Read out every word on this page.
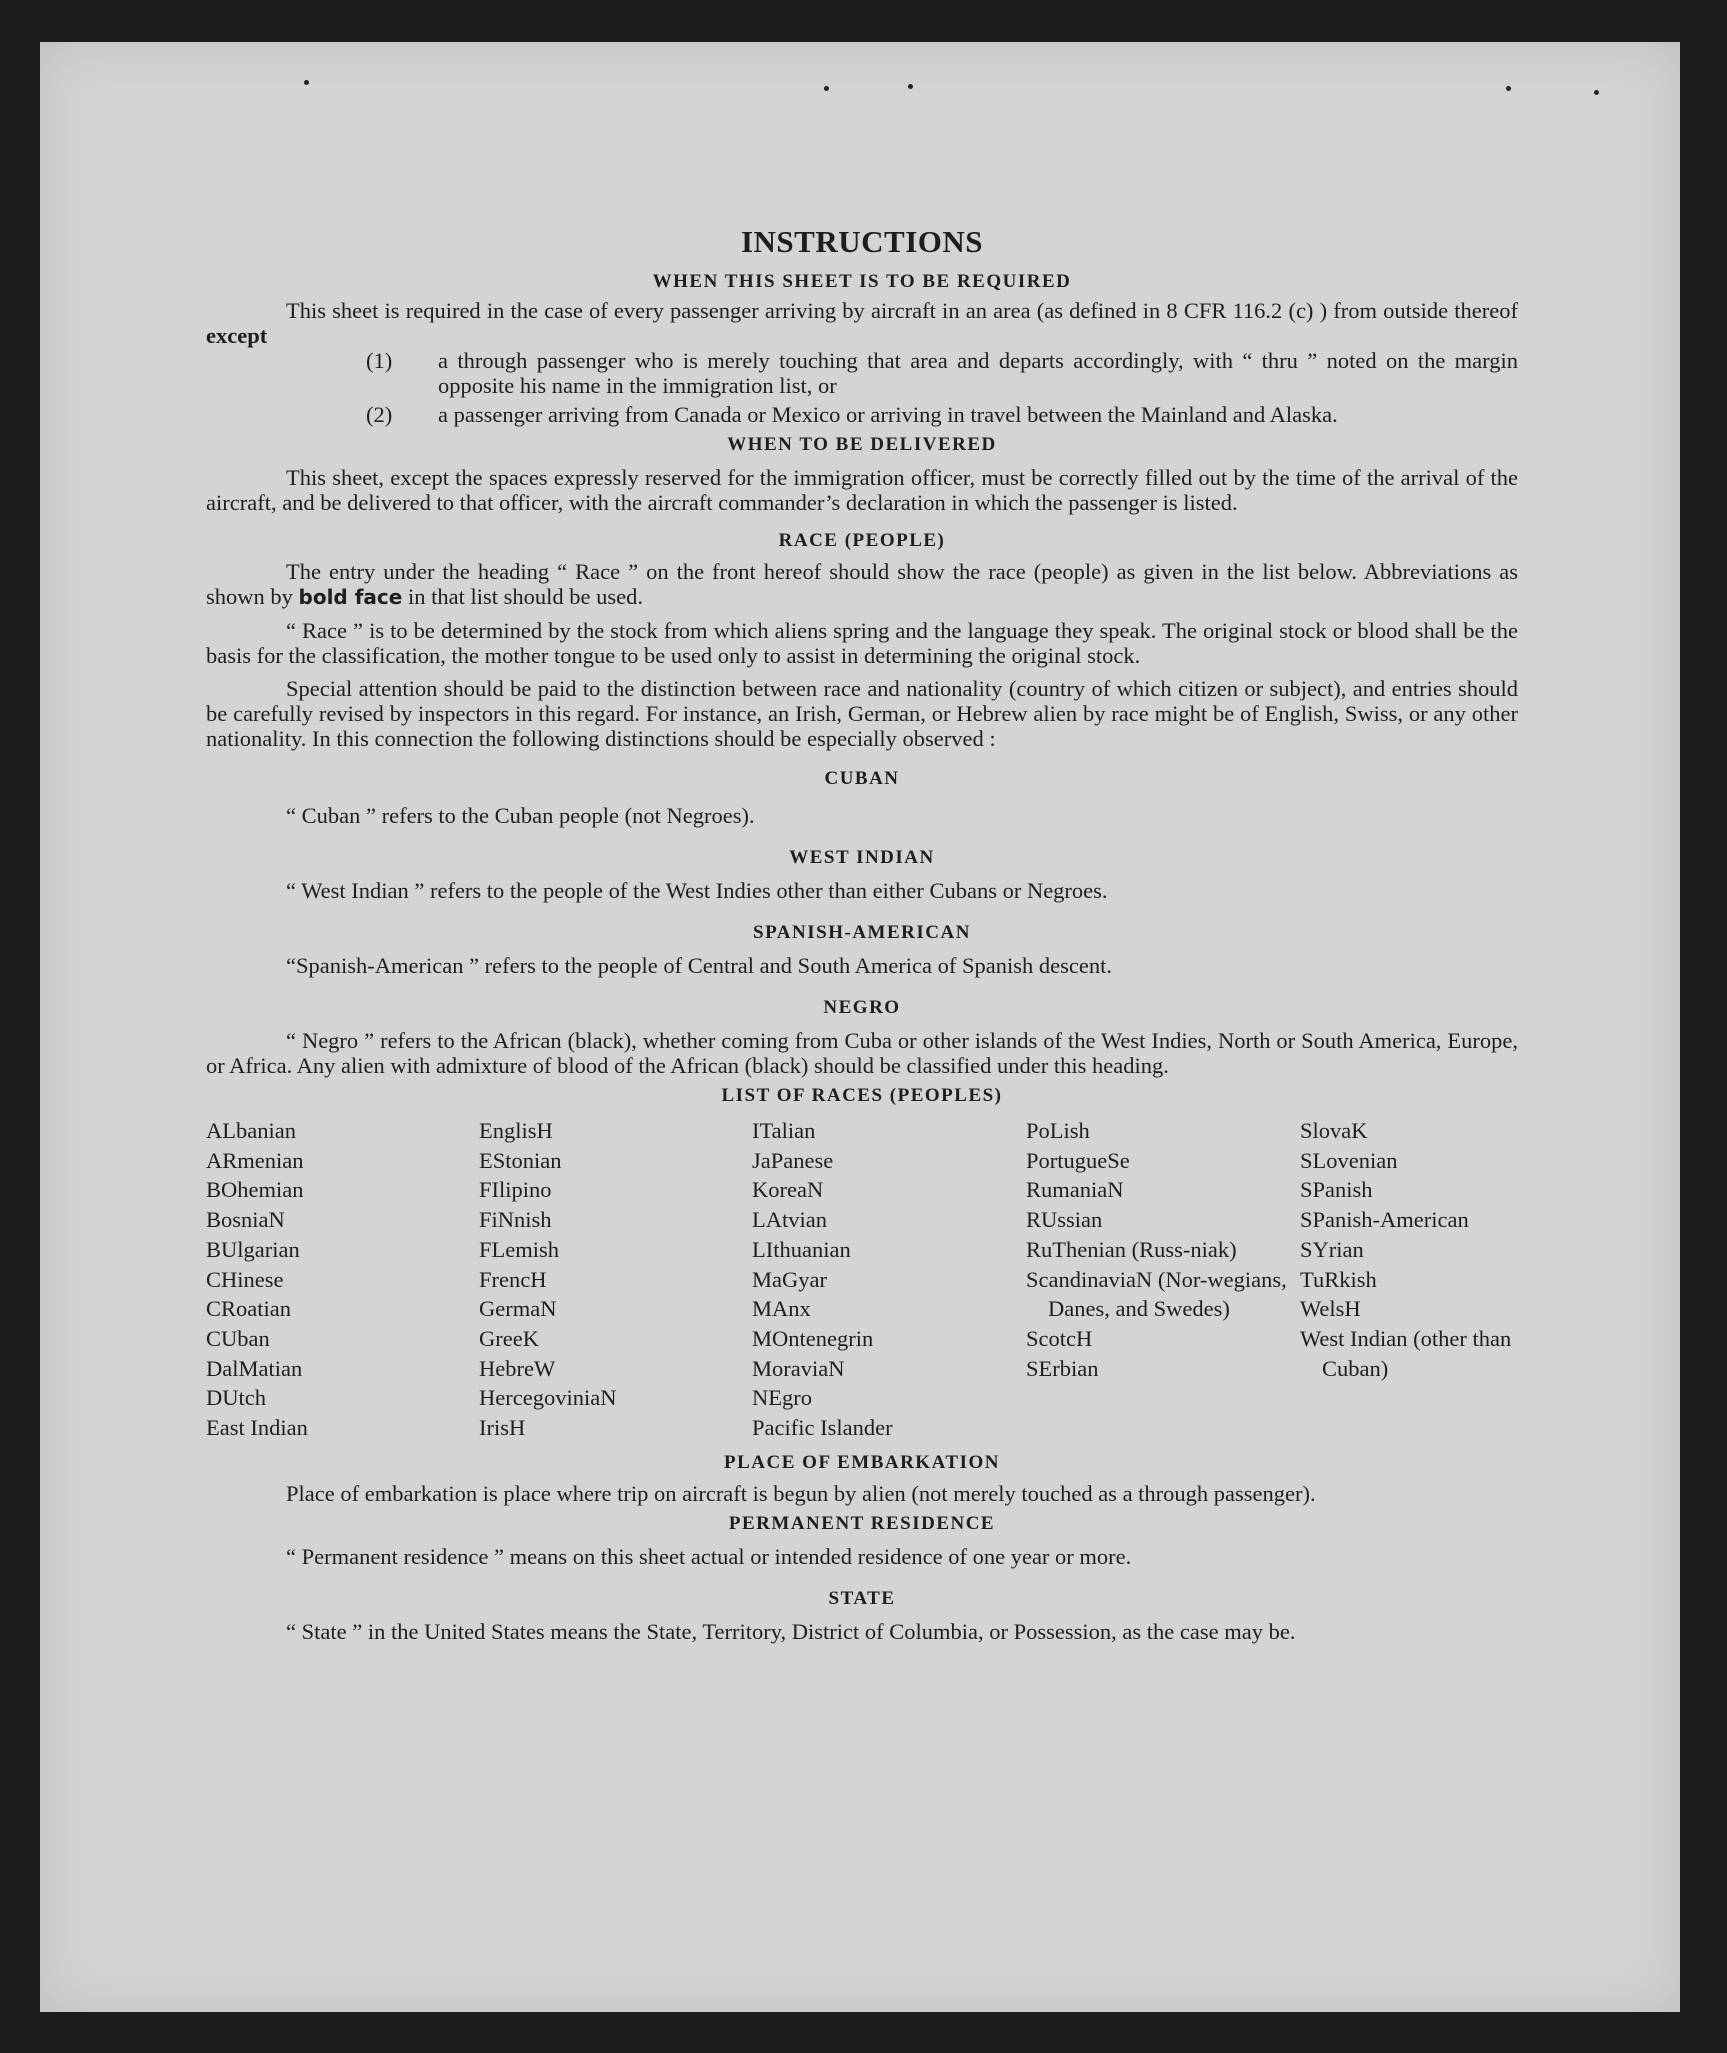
INSTRUCTIONS
WHEN THIS SHEET IS TO BE REQUIRED

This sheet is required in the case of every passenger arriving by aircraft in an area (as defined in 8 CFR 116.2 (c) ) from outside thereof except

(1)	a through passenger who is merely touching that area and departs accordingly, with “ thru ” noted on the margin opposite his name in the immigration list, or
(2)	a passenger arriving from Canada or Mexico or arriving in travel between the Mainland and Alaska.
WHEN TO BE DELIVERED

This sheet, except the spaces expressly reserved for the immigration officer, must be correctly filled out by the time of the arrival of the aircraft, and be delivered to that officer, with the aircraft commander’s declaration in which the passenger is listed.

RACE (PEOPLE)

The entry under the heading “ Race ” on the front hereof should show the race (people) as given in the list below. Abbreviations as shown by bold face in that list should be used.

“ Race ” is to be determined by the stock from which aliens spring and the language they speak. The original stock or blood shall be the basis for the classification, the mother tongue to be used only to assist in determining the original stock.

Special attention should be paid to the distinction between race and nationality (country of which citizen or subject), and entries should be carefully revised by inspectors in this regard. For instance, an Irish, German, or Hebrew alien by race might be of English, Swiss, or any other nationality. In this connection the following distinctions should be especially observed :

CUBAN

“ Cuban ” refers to the Cuban people (not Negroes).

WEST INDIAN

“ West Indian ” refers to the people of the West Indies other than either Cubans or Negroes.

SPANISH-AMERICAN

“Spanish-American ” refers to the people of Central and South America of Spanish descent.

NEGRO

“ Negro ” refers to the African (black), whether coming from Cuba or other islands of the West Indies, North or South America, Europe, or Africa. Any alien with admixture of blood of the African (black) should be classified under this heading.

LIST OF RACES (PEOPLES)
ALbanian
ARmenian
BOhemian
BosniaN
BUlgarian
CHinese
CRoatian
CUban
DalMatian
DUtch
East Indian
EnglisH
EStonian
FIlipino
FiNnish
FLemish
FrencH
GermaN
GreeK
HebreW
HercegoviniaN
IrisH
ITalian
JaPanese
KoreaN
LAtvian
LIthuanian
MaGyar
MAnx
MOntenegrin
MoraviaN
NEgro
Pacific Islander
PoLish
PortugueSe
RumaniaN
RUssian
RuThenian (Russ-niak)
ScandinaviaN (Nor-wegians, Danes, and Swedes)
ScotcH
SErbian
SlovaK
SLovenian
SPanish
SPanish-American
SYrian
TuRkish
WelsH
West Indian (other than Cuban)
PLACE OF EMBARKATION

Place of embarkation is place where trip on aircraft is begun by alien (not merely touched as a through passenger).

PERMANENT RESIDENCE

“ Permanent residence ” means on this sheet actual or intended residence of one year or more.

STATE

“ State ” in the United States means the State, Territory, District of Columbia, or Possession, as the case may be.
